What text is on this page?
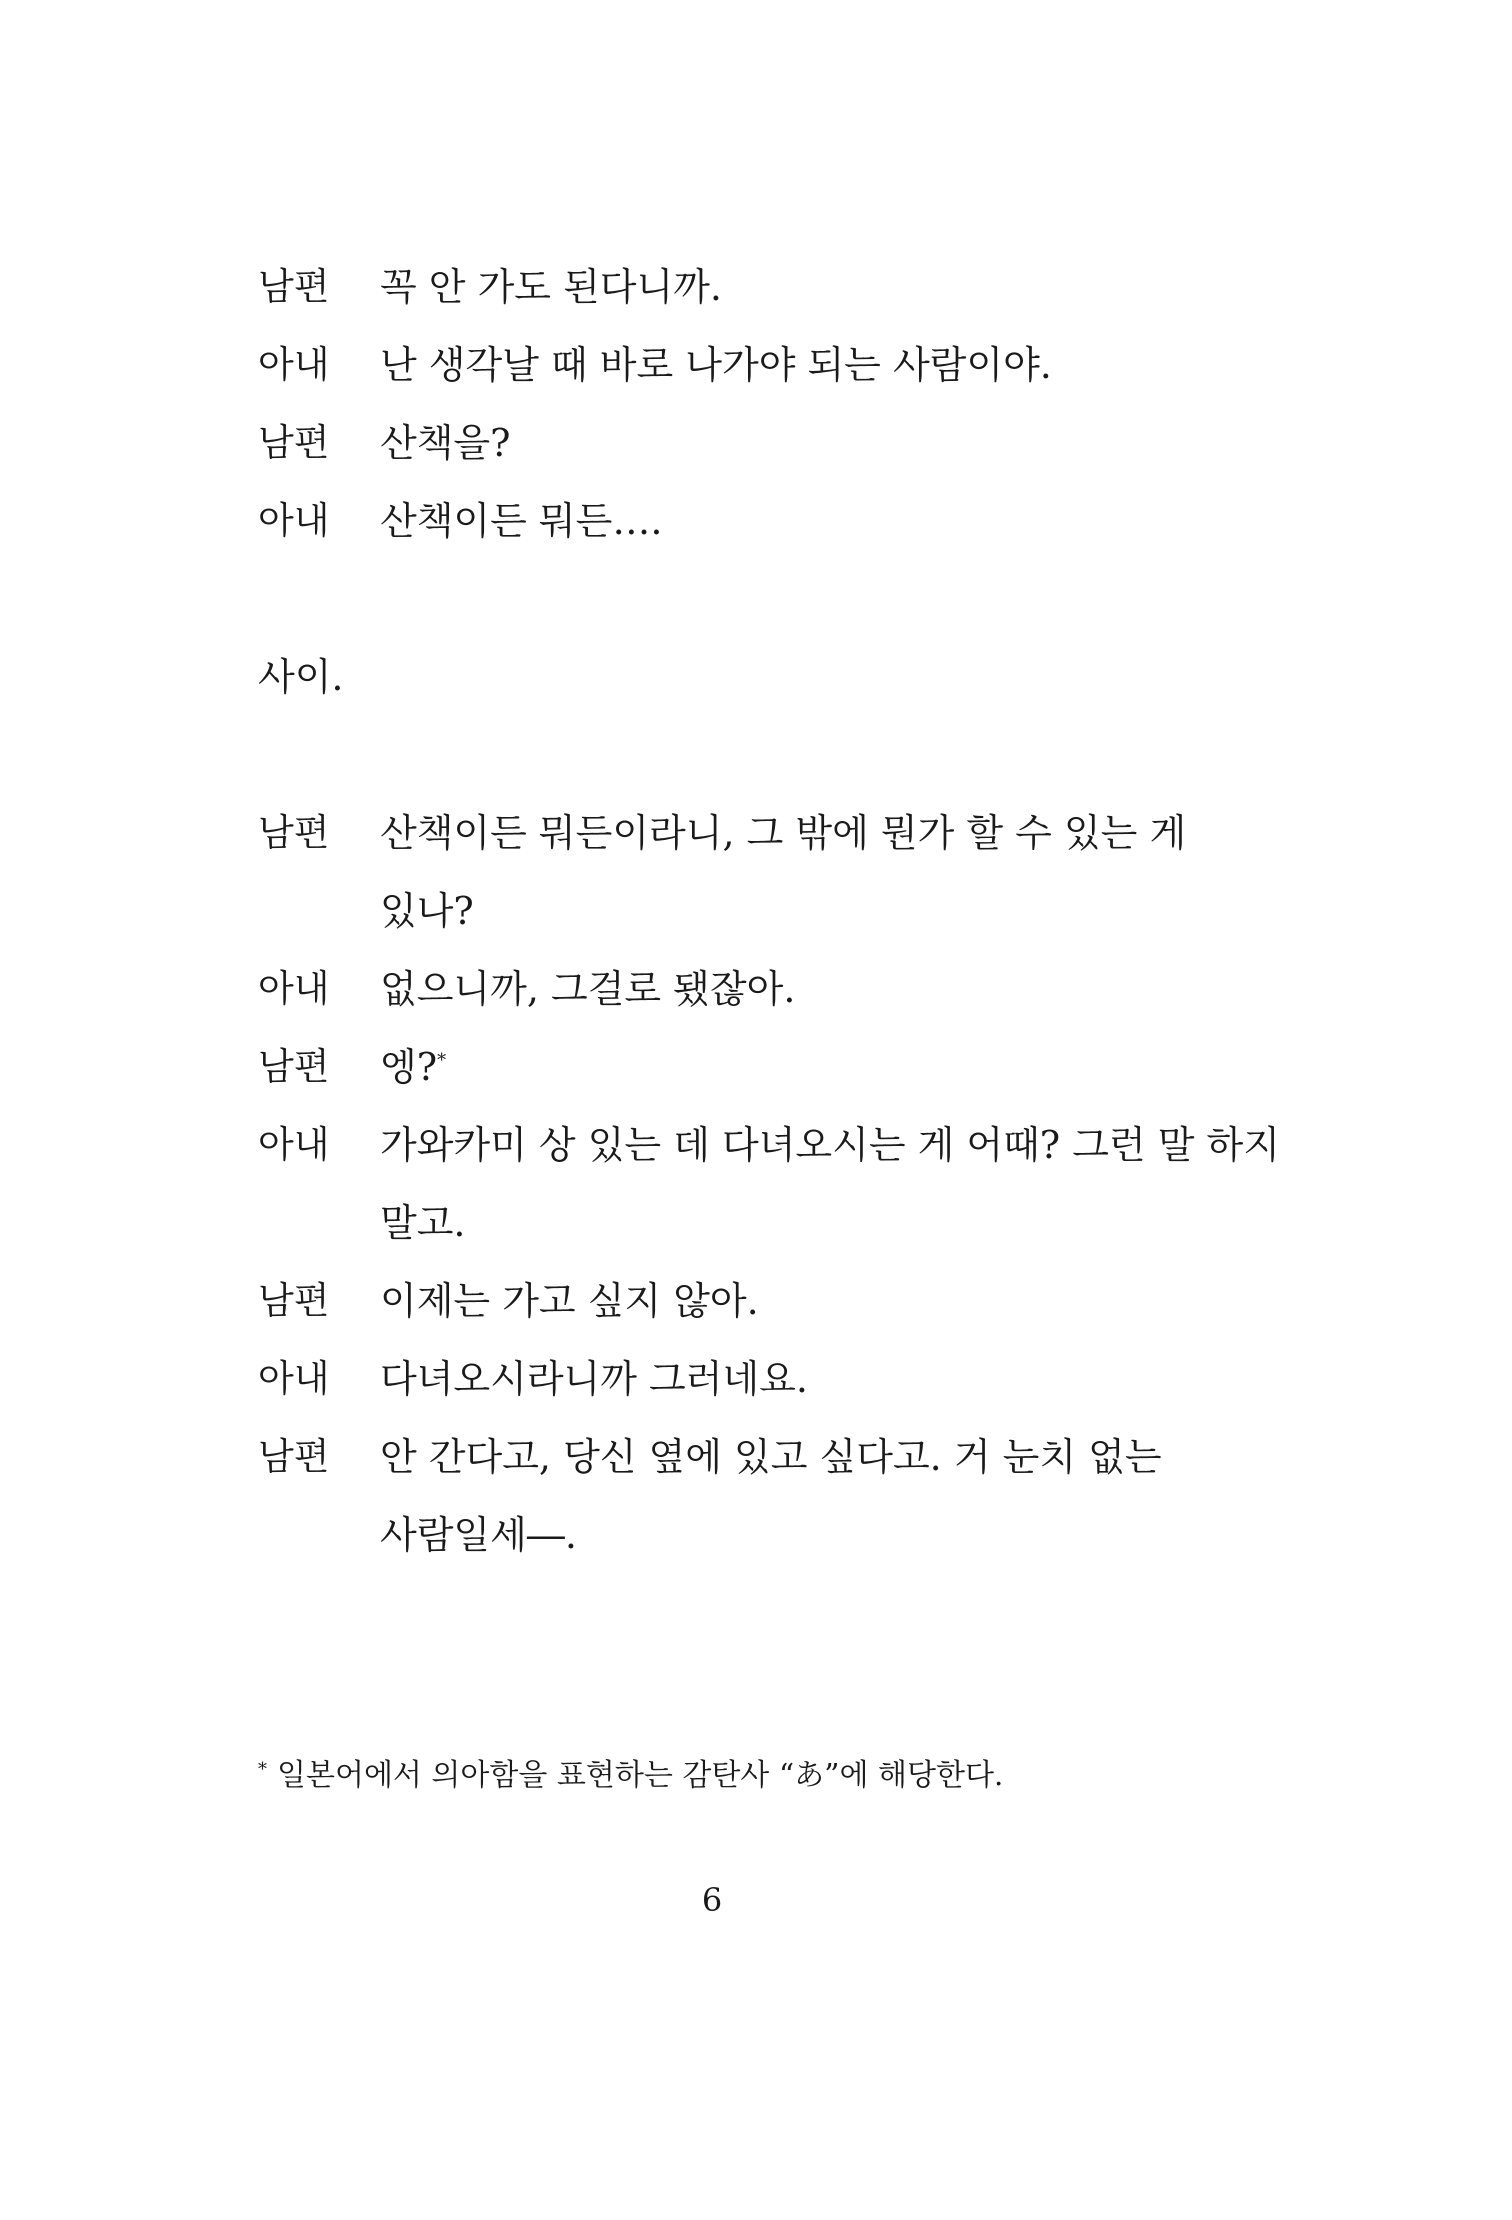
남편	꼭 안 가도 된다니까.
아내	난 생각날 때 바로 나가야 되는 사람이야.
남편	산책을?
아내	산책이든 뭐든….
사이.
남편	산책이든 뭐든이라니, 그 밖에 뭔가 할 수 있는 게 있나?
아내	없으니까, 그걸로 됐잖아.
남편	엥?*
아내	가와카미 상 있는 데 다녀오시는 게 어때? 그런 말 하지 말고.
남편	이제는 가고 싶지 않아.
아내	다녀오시라니까 그러네요.
남편	안 간다고, 당신 옆에 있고 싶다고. 거 눈치 없는 사람일세―.
* 일본어에서 의아함을 표현하는 감탄사 “あ”에 해당한다.
6
